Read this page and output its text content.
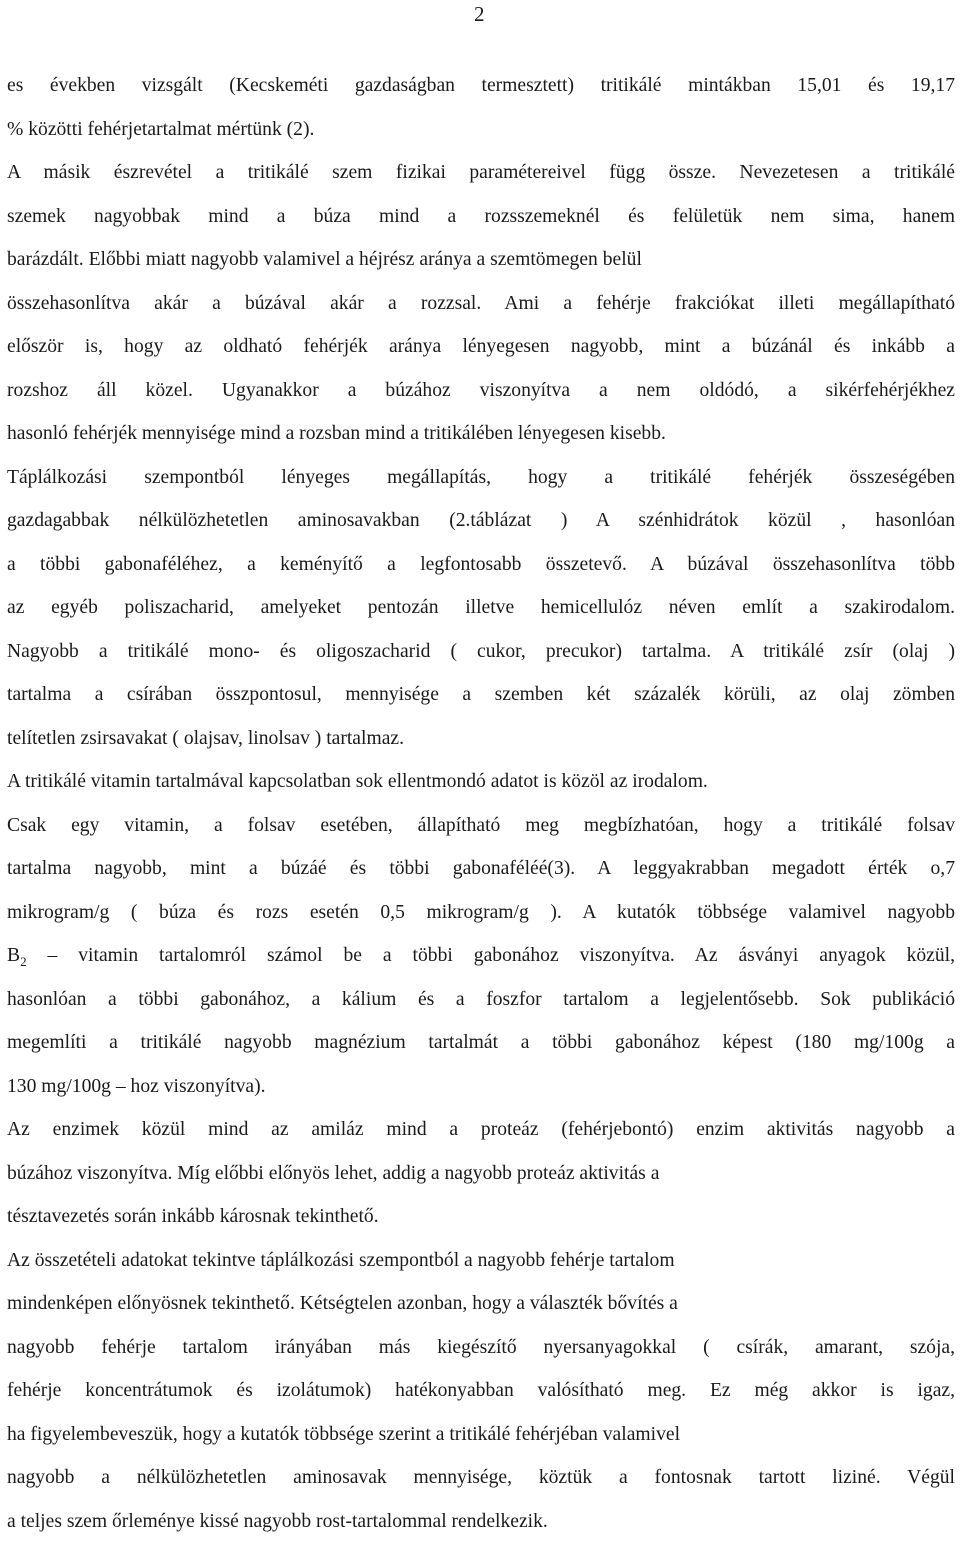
2
es években vizsgált (Kecskeméti gazdaságban termesztett) tritikálé mintákban 15,01 és 19,17
% közötti fehérjetartalmat mértünk (2).
A másik észrevétel a tritikálé szem fizikai paramétereivel függ össze. Nevezetesen a tritikálé
szemek nagyobbak mind a búza mind a rozsszemeknél és felületük nem sima, hanem
barázdált. Előbbi miatt nagyobb valamivel a héjrész aránya a szemtömegen belül
összehasonlítva akár a búzával akár a rozzsal. Ami a fehérje frakciókat illeti megállapítható
először is, hogy az oldható fehérjék aránya lényegesen nagyobb, mint a búzánál és inkább a
rozshoz áll közel. Ugyanakkor a búzához viszonyítva a nem oldódó, a sikérfehérjékhez
hasonló fehérjék mennyisége mind a rozsban mind a tritikálében lényegesen kisebb.
Táplálkozási szempontból lényeges megállapítás, hogy a tritikálé fehérjék összeségében
gazdagabbak nélkülözhetetlen aminosavakban (2.táblázat ) A szénhidrátok közül , hasonlóan
a többi gabonaféléhez, a keményítő a legfontosabb összetevő. A búzával összehasonlítva több
az egyéb poliszacharid, amelyeket pentozán illetve hemicellulóz néven említ a szakirodalom.
Nagyobb a tritikálé mono- és oligoszacharid ( cukor, precukor) tartalma. A tritikálé zsír (olaj )
tartalma a csírában összpontosul, mennyisége a szemben két százalék körüli, az olaj zömben
telítetlen zsirsavakat ( olajsav, linolsav ) tartalmaz.
A tritikálé vitamin tartalmával kapcsolatban sok ellentmondó adatot is közöl az irodalom.
Csak egy vitamin, a folsav esetében, állapítható meg megbízhatóan, hogy a tritikálé folsav
tartalma nagyobb, mint a búzáé és többi gabonaféléé(3). A leggyakrabban megadott érték o,7
mikrogram/g ( búza és rozs esetén 0,5 mikrogram/g ). A kutatók többsége valamivel nagyobb
$B_2$ – vitamin tartalomról számol be a többi gabonához viszonyítva. Az ásványi anyagok közül,
hasonlóan a többi gabonához, a kálium és a foszfor tartalom a legjelentősebb. Sok publikáció
megemlíti a tritikálé nagyobb magnézium tartalmát a többi gabonához képest (180 mg/100g a
130 mg/100g – hoz viszonyítva).
Az enzimek közül mind az amiláz mind a proteáz (fehérjebontó) enzim aktivitás nagyobb a
búzához viszonyítva. Míg előbbi előnyös lehet, addig a nagyobb proteáz aktivitás a
tésztavezetés során inkább károsnak tekinthető.
Az összetételi adatokat tekintve táplálkozási szempontból a nagyobb fehérje tartalom
mindenképen előnyösnek tekinthető. Kétségtelen azonban, hogy a választék bővítés a
nagyobb fehérje tartalom irányában más kiegészítő nyersanyagokkal ( csírák, amarant, szója,
fehérje koncentrátumok és izolátumok) hatékonyabban valósítható meg. Ez még akkor is igaz,
ha figyelembeveszük, hogy a kutatók többsége szerint a tritikálé fehérjéban valamivel
nagyobb a nélkülözhetetlen aminosavak mennyisége, köztük a fontosnak tartott liziné. Végül
a teljes szem őrleménye kissé nagyobb rost-tartalommal rendelkezik.
